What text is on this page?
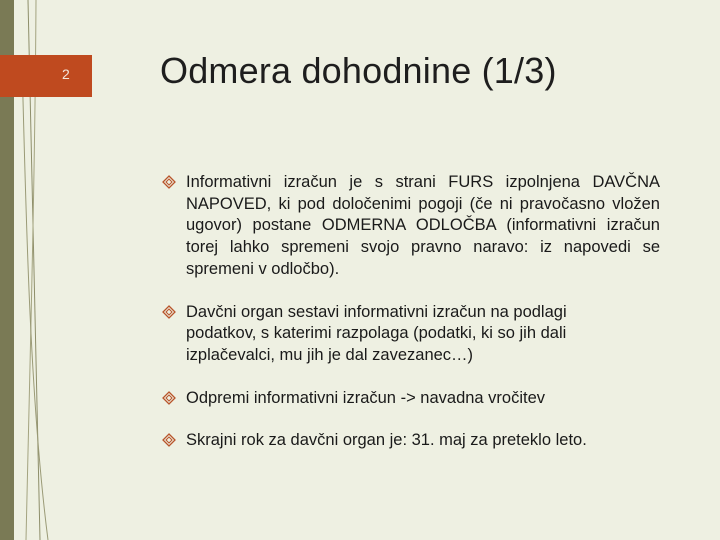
2	Odmera dohodnine (1/3)
Informativni izračun je s strani FURS izpolnjena DAVČNA NAPOVED, ki pod določenimi pogoji (če ni pravočasno vložen ugovor) postane ODMERNA ODLOČBA (informativni izračun torej lahko spremeni svojo pravno naravo: iz napovedi se spremeni v odločbo).
Davčni organ sestavi informativni izračun na podlagi podatkov, s katerimi razpolaga (podatki, ki so jih dali izplačevalci, mu jih je dal zavezanec…)
Odpremi informativni izračun -> navadna vročitev
Skrajni rok za davčni organ je: 31. maj za preteklo leto.
